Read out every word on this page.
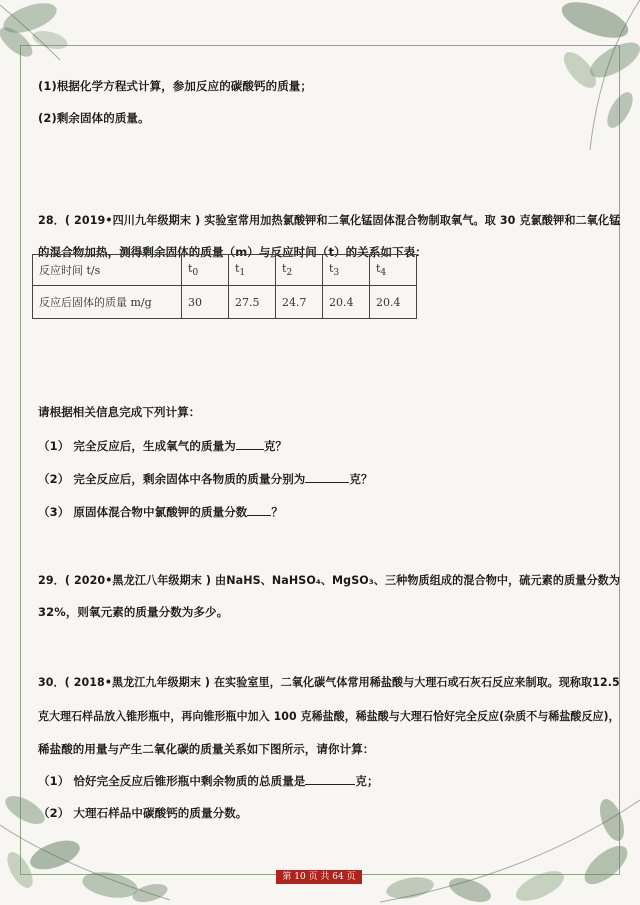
(1)根据化学方程式计算，参加反应的碳酸钙的质量；
(2)剩余固体的质量。
28．( 2019•四川九年级期末 ) 实验室常用加热氯酸钾和二氧化锰固体混合物制取氧气。取 30 克氯酸钾和二氧化锰
的混合物加热，测得剩余固体的质量（m）与反应时间（t）的关系如下表：
反应时间 t/s	$t_0$	$t_1$	$t_2$	$t_3$	$t_4$
反应后固体的质量 m/g	30	27.5	24.7	20.4	20.4
请根据相关信息完成下列计算：
（1） 完全反应后，生成氧气的质量为 克？
（2） 完全反应后，剩余固体中各物质的质量分别为	克？
（3） 原固体混合物中氯酸钾的质量分数 ？
29．( 2020•黑龙江八年级期末 ) 由NaHS、NaHSO₄、MgSO₃、三种物质组成的混合物中，硫元素的质量分数为
32%，则氧元素的质量分数为多少。
30．( 2018•黑龙江九年级期末 ) 在实验室里，二氧化碳气体常用稀盐酸与大理石或石灰石反应来制取。现称取12.5
克大理石样品放入锥形瓶中，再向锥形瓶中加入 100 克稀盐酸，稀盐酸与大理石恰好完全反应(杂质不与稀盐酸反应)，
稀盐酸的用量与产生二氧化碳的质量关系如下图所示，请你计算：
（1） 恰好完全反应后锥形瓶中剩余物质的总质量是	克；
（2） 大理石样品中碳酸钙的质量分数。
第 10 页 共 64 页
